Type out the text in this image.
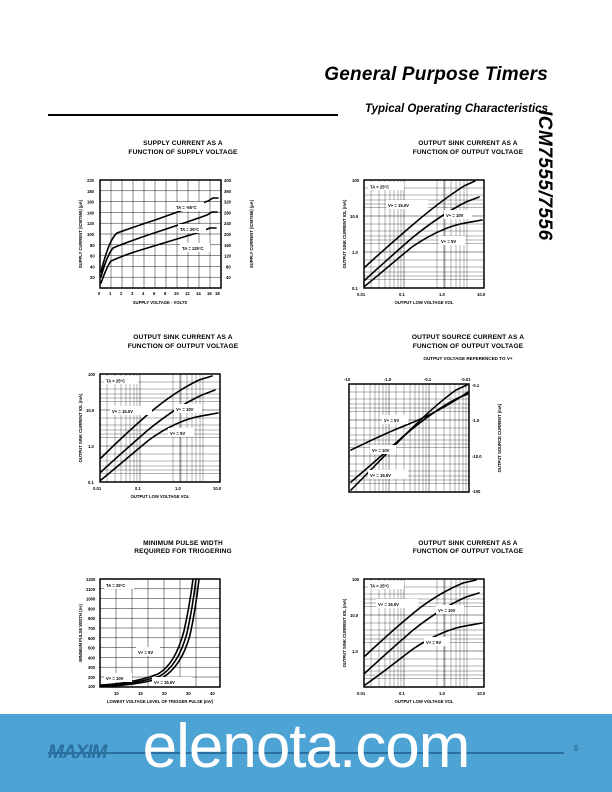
General Purpose Timers
Typical Operating Characteristics
ICM7555/7556
SUPPLY CURRENT AS A
FUNCTION OF SUPPLY VOLTAGE
TA = -55°C
TA = 25°C
TA = 125°C
220
180
160
140
120
100
80
60
40
20
400
360
320
280
240
200
160
120
80
40
0 1 2 3 4 6 8 10 12 14 16 18
SUPPLY VOLTAGE - VOLTS
SUPPLY CURRENT (ICM7555) (µA)	SUPPLY CURRENT (ICM7556) (µA)
OUTPUT SINK CURRENT AS A
FUNCTION OF OUTPUT VOLTAGE
TA = 25°C
V+ = 15.0V
V+ = 10V
V+ = 5V
100
10.0
1.0
0.1
0.01	0.1	1.0	10.0
OUTPUT LOW VOLTAGE VOL
OUTPUT SINK CURRENT IOL (mA)
OUTPUT SINK CURRENT AS A
FUNCTION OF OUTPUT VOLTAGE
TA = 25°C
V+ = 15.0V	V+ = 10V
V+ = 5V
100
10.0
1.0
0.1
0.01	0.1	1.0	10.0
OUTPUT LOW VOLTAGE VOL
OUTPUT SINK CURRENT IOL (mA)
OUTPUT SOURCE CURRENT AS A
FUNCTION OF OUTPUT VOLTAGE
OUTPUT VOLTAGE REFERENCED TO V+
V+ = 5V
V+ = 10V
V+ = 15.0V
-10	-1.0	-0.1	-0.01
-0.1
-1.0
-10.0
-100
OUTPUT SOURCE CURRENT (mA)
MINIMUM PULSE WIDTH
REQUIRED FOR TRIGGERING
TA = 25°C
V+ = 5V
V+ = 10V
V+ = 15.0V
1200
1100
1000
900
800
700
600
500
400
300
200
100
10	15	20	30	40
LOWEST VOLTAGE LEVEL OF TRIGGER PULSE (mV)
MINIMUM PULSE WIDTH (ns)
OUTPUT SINK CURRENT AS A
FUNCTION OF OUTPUT VOLTAGE
TA = 25°C
V+ = 15.0V
V+ = 10V
V+ = 5V
100
10.0
1.0
0.01	0.1	1.0	10.0
OUTPUT LOW VOLTAGE VOL
OUTPUT SINK CURRENT IOL (mA)
MAXIM	5
elenota.com
